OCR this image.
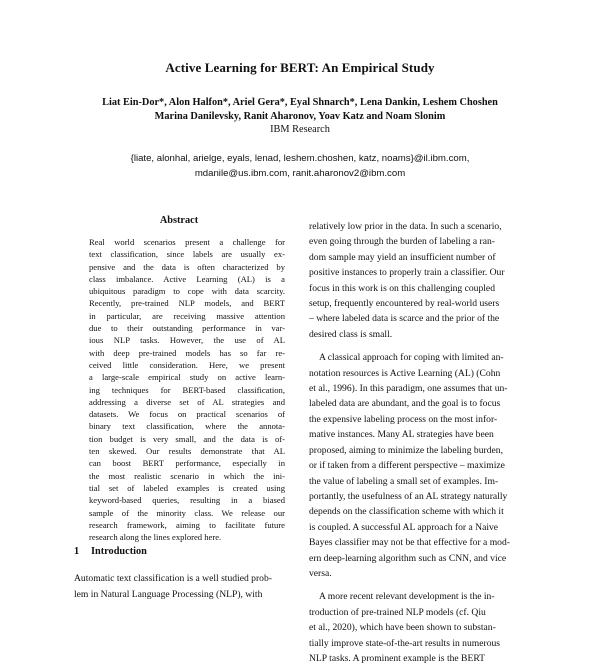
Active Learning for BERT: An Empirical Study
Liat Ein-Dor*, Alon Halfon*, Ariel Gera*, Eyal Shnarch*, Lena Dankin, Leshem Choshen
Marina Danilevsky, Ranit Aharonov, Yoav Katz and Noam Slonim
IBM Research
{liate, alonhal, arielge, eyals, lenad, leshem.choshen, katz, noams}@il.ibm.com,
mdanile@us.ibm.com, ranit.aharonov2@ibm.com
Abstract
Real world scenarios present a challenge for
text classification, since labels are usually ex-
pensive and the data is often characterized by
class imbalance. Active Learning (AL) is a
ubiquitous paradigm to cope with data scarcity.
Recently, pre-trained NLP models, and BERT
in particular, are receiving massive attention
due to their outstanding performance in var-
ious NLP tasks. However, the use of AL
with deep pre-trained models has so far re-
ceived little consideration. Here, we present
a large-scale empirical study on active learn-
ing techniques for BERT-based classification,
addressing a diverse set of AL strategies and
datasets. We focus on practical scenarios of
binary text classification, where the annota-
tion budget is very small, and the data is of-
ten skewed. Our results demonstrate that AL
can boost BERT performance, especially in
the most realistic scenario in which the ini-
tial set of labeled examples is created using
keyword-based queries, resulting in a biased
sample of the minority class. We release our
research framework, aiming to facilitate future
research along the lines explored here.
1 Introduction
Automatic text classification is a well studied prob-
lem in Natural Language Processing (NLP), with
relatively low prior in the data. In such a scenario,
even going through the burden of labeling a ran-
dom sample may yield an insufficient number of
positive instances to properly train a classifier. Our
focus in this work is on this challenging coupled
setup, frequently encountered by real-world users
– where labeled data is scarce and the prior of the
desired class is small.
A classical approach for coping with limited an-
notation resources is Active Learning (AL) (Cohn
et al., 1996). In this paradigm, one assumes that un-
labeled data are abundant, and the goal is to focus
the expensive labeling process on the most infor-
mative instances. Many AL strategies have been
proposed, aiming to minimize the labeling burden,
or if taken from a different perspective – maximize
the value of labeling a small set of examples. Im-
portantly, the usefulness of an AL strategy naturally
depends on the classification scheme with which it
is coupled. A successful AL approach for a Naive
Bayes classifier may not be that effective for a mod-
ern deep-learning algorithm such as CNN, and vice
versa.
A more recent relevant development is the in-
troduction of pre-trained NLP models (cf. Qiu
et al., 2020), which have been shown to substan-
tially improve state-of-the-art results in numerous
NLP tasks. A prominent example is the BERT
